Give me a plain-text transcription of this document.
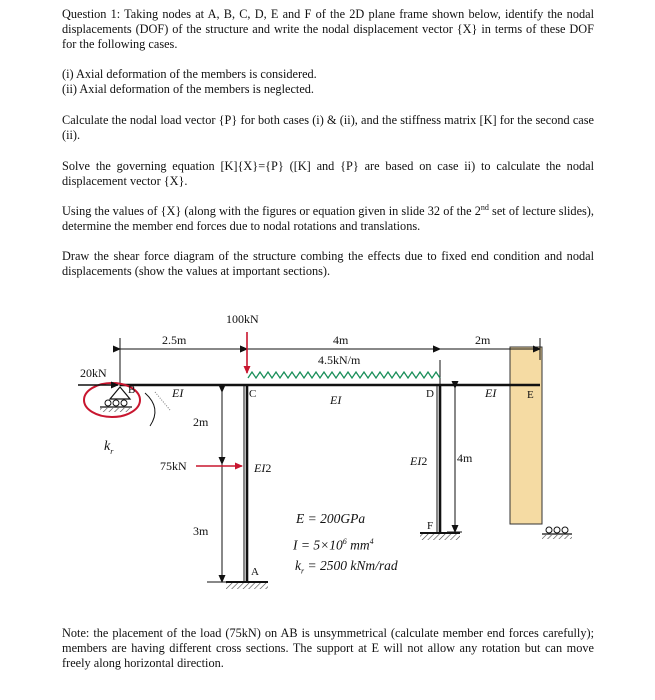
Question 1: Taking nodes at A, B, C, D, E and F of the 2D plane frame shown below, identify the nodal displacements (DOF) of the structure and write the nodal displacement vector {X} in terms of these DOF for the following cases.

(i) Axial deformation of the members is considered.

(ii) Axial deformation of the members is neglected.

Calculate the nodal load vector {P} for both cases (i) & (ii), and the stiffness matrix [K] for the second case (ii).

Solve the governing equation [K]{X}={P} ([K] and {P} are based on case ii) to calculate the nodal displacement vector {X}.

Using the values of {X} (along with the figures or equation given in slide 32 of the 2nd set of lecture slides), determine the member end forces due to nodal rotations and translations.

Draw the shear force diagram of the structure combing the effects due to fixed end condition and nodal displacements (show the values at important sections).

Note: the placement of the load (75kN) on AB is unsymmetrical (calculate member end forces carefully); members are having different cross sections. The support at E will not allow any rotation but can move freely along horizontal direction.

100kN
2.5m	4m	2m
4.5kN/m
20kN
B	C	D	E
A
F
EI	EI	EI
EI2	EI2
2m
3m
4m
75kN
$k_r$
E = 200GPa
$I = 5\times 10^6$ $mm^4$
$k_r = 2500$ kNm/rad
